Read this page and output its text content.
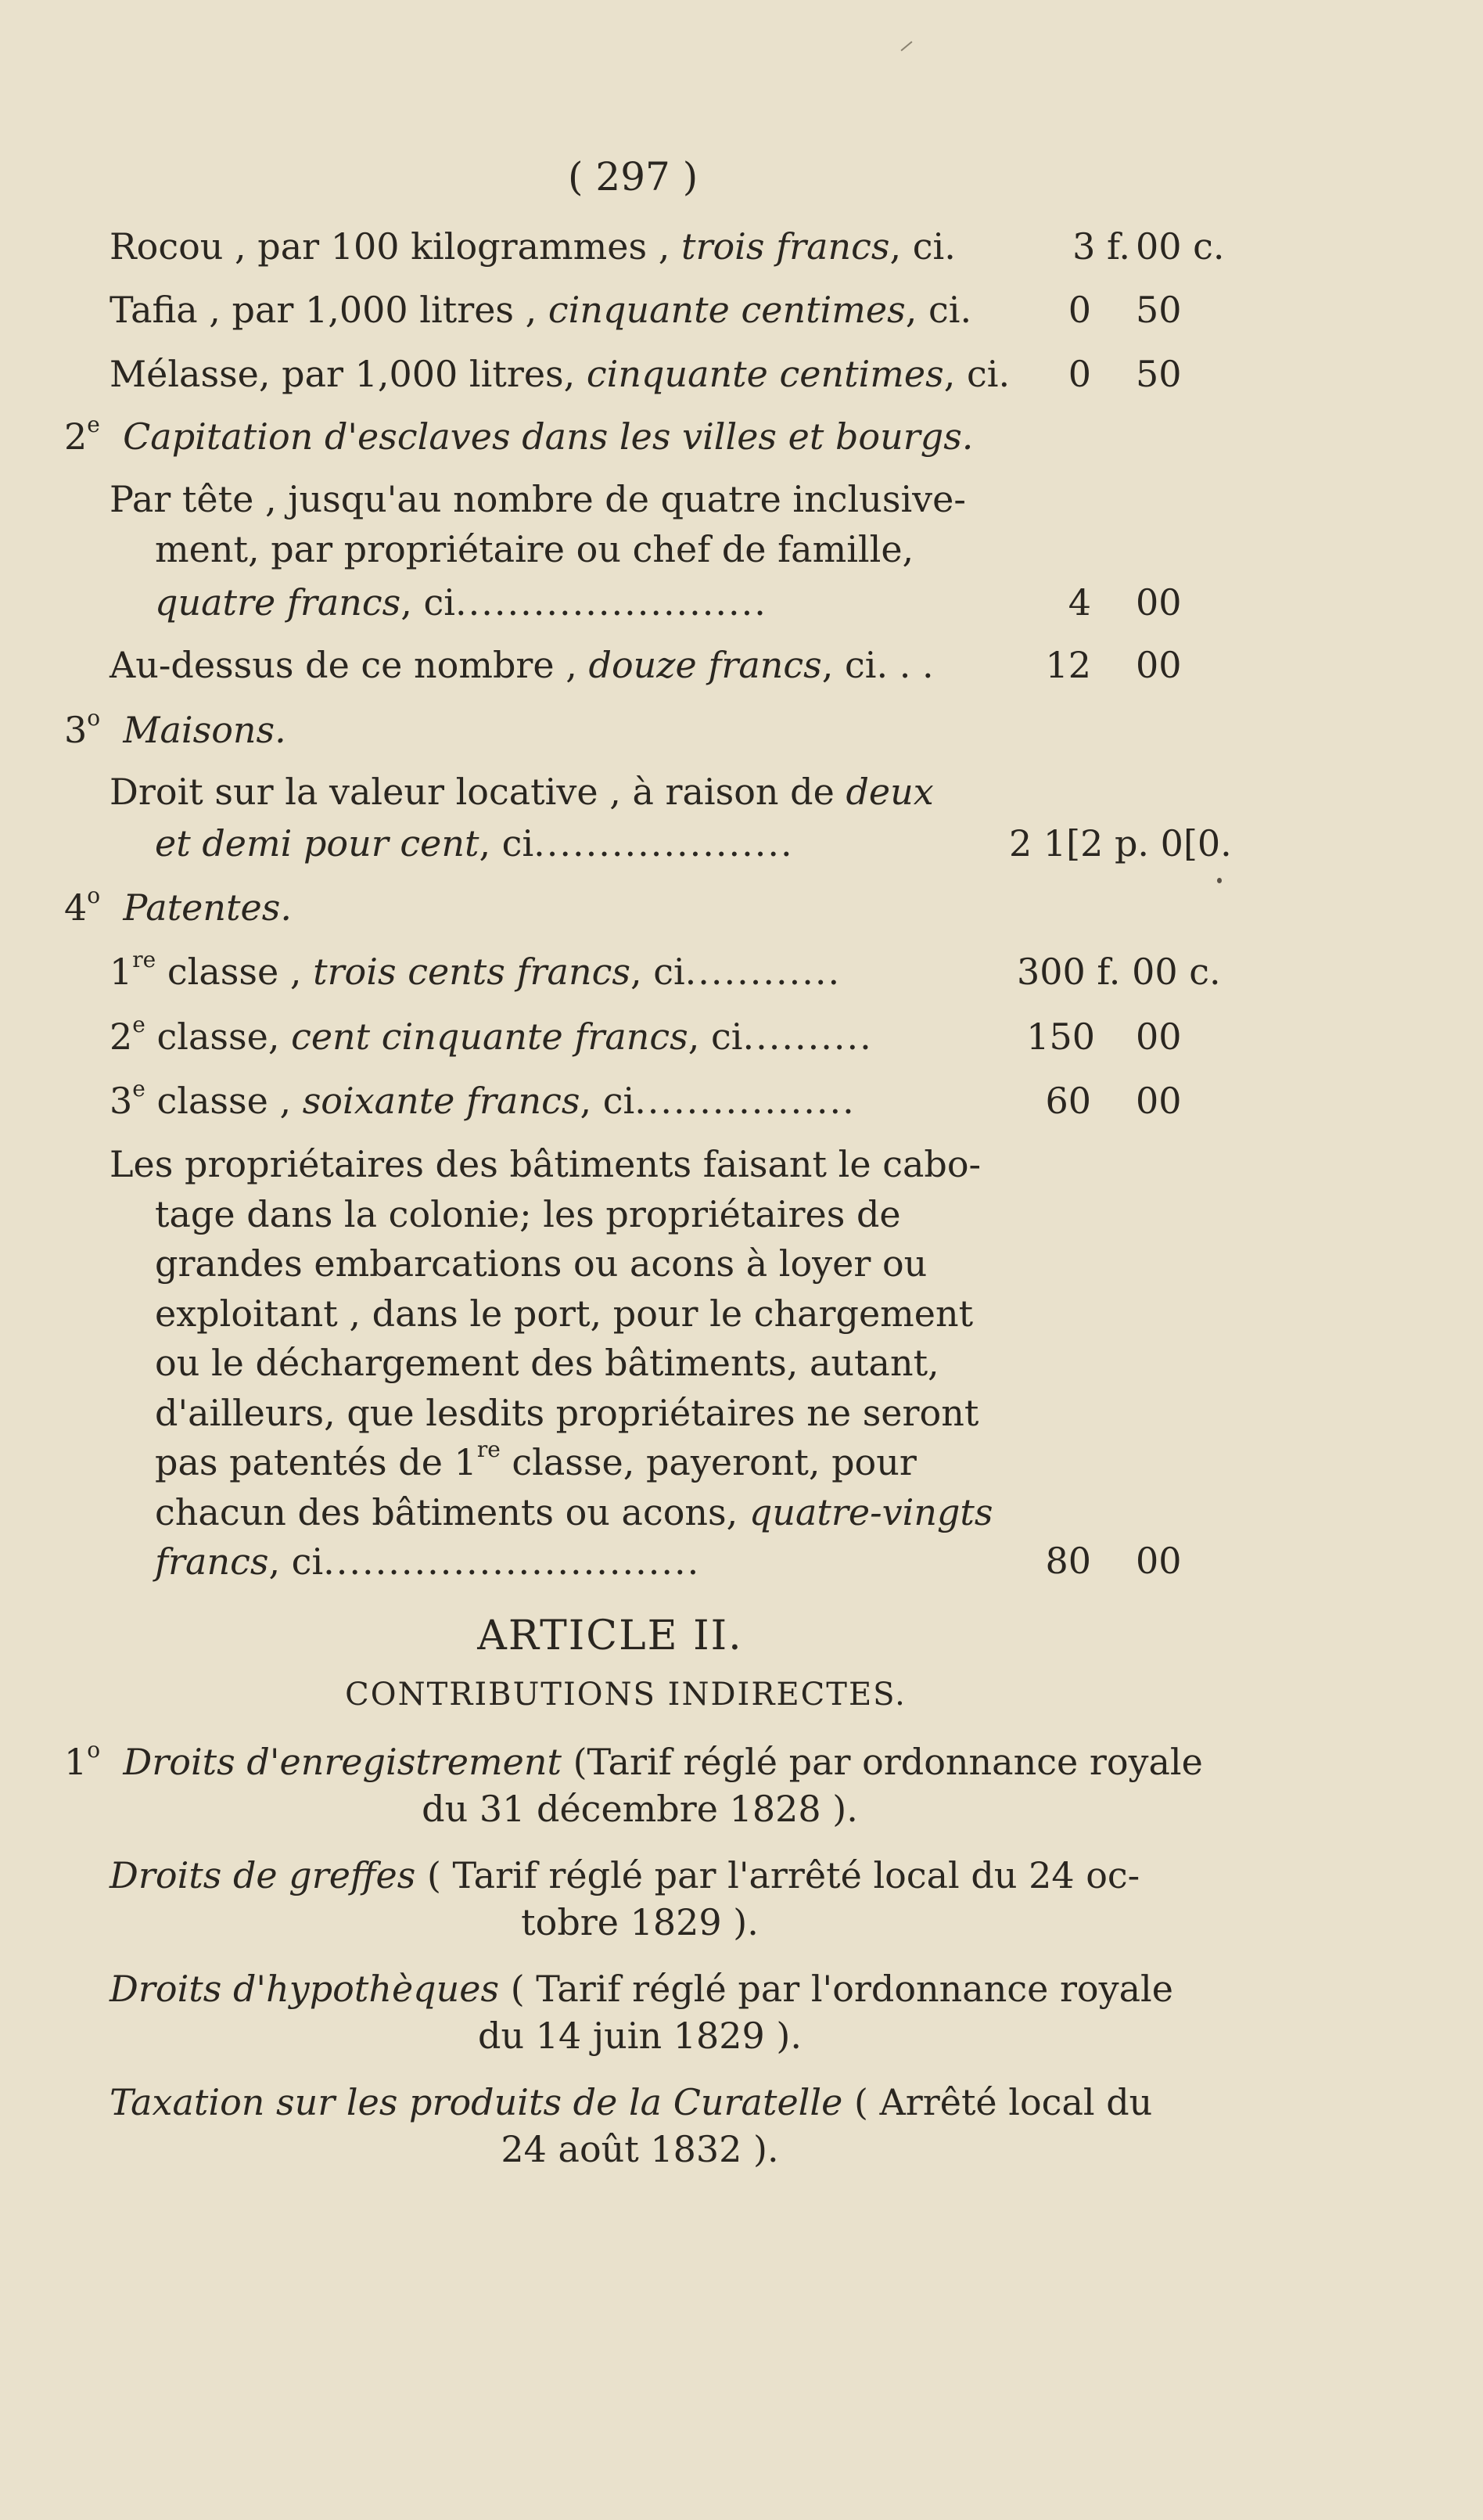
( 297 )
Rocou , par 100 kilogrammes , trois francs, ci.	3 f. 00 c.
Tafia , par 1,000 litres , cinquante centimes, ci.	0 50
Mélasse, par 1,000 litres, cinquante centimes, ci.	0 50
2e Capitation d'esclaves dans les villes et bourgs.
Par tête , jusqu'au nombre de quatre inclusive-
ment, par propriétaire ou chef de famille,
quatre francs, ci........................	4 00
Au-dessus de ce nombre , douze francs, ci. . .	12 00
3$^o$ Maisons.
Droit sur la valeur locative , à raison de deux
et demi pour cent, ci....................	2 1[2 p. 0[0.
4$^o$ Patentes.
1re classe , trois cents francs, ci............	300 f. 00 c.
2e classe, cent cinquante francs, ci..........	150 00
3e classe , soixante francs, ci.................	60 00
Les propriétaires des bâtiments faisant le cabo-
tage dans la colonie; les propriétaires de
grandes embarcations ou acons à loyer ou
exploitant , dans le port, pour le chargement
ou le déchargement des bâtiments, autant,
d'ailleurs, que lesdits propriétaires ne seront
pas patentés de 1re classe, payeront, pour
chacun des bâtiments ou acons, quatre-vingts
francs, ci.............................	80 00
ARTICLE II.
CONTRIBUTIONS INDIRECTES.
1$^o$ Droits d'enregistrement (Tarif réglé par ordonnance royale
du 31 décembre 1828 ).
Droits de greffes ( Tarif réglé par l'arrêté local du 24 oc-
tobre 1829 ).
Droits d'hypothèques ( Tarif réglé par l'ordonnance royale
du 14 juin 1829 ).
Taxation sur les produits de la Curatelle ( Arrêté local du
24 août 1832 ).
